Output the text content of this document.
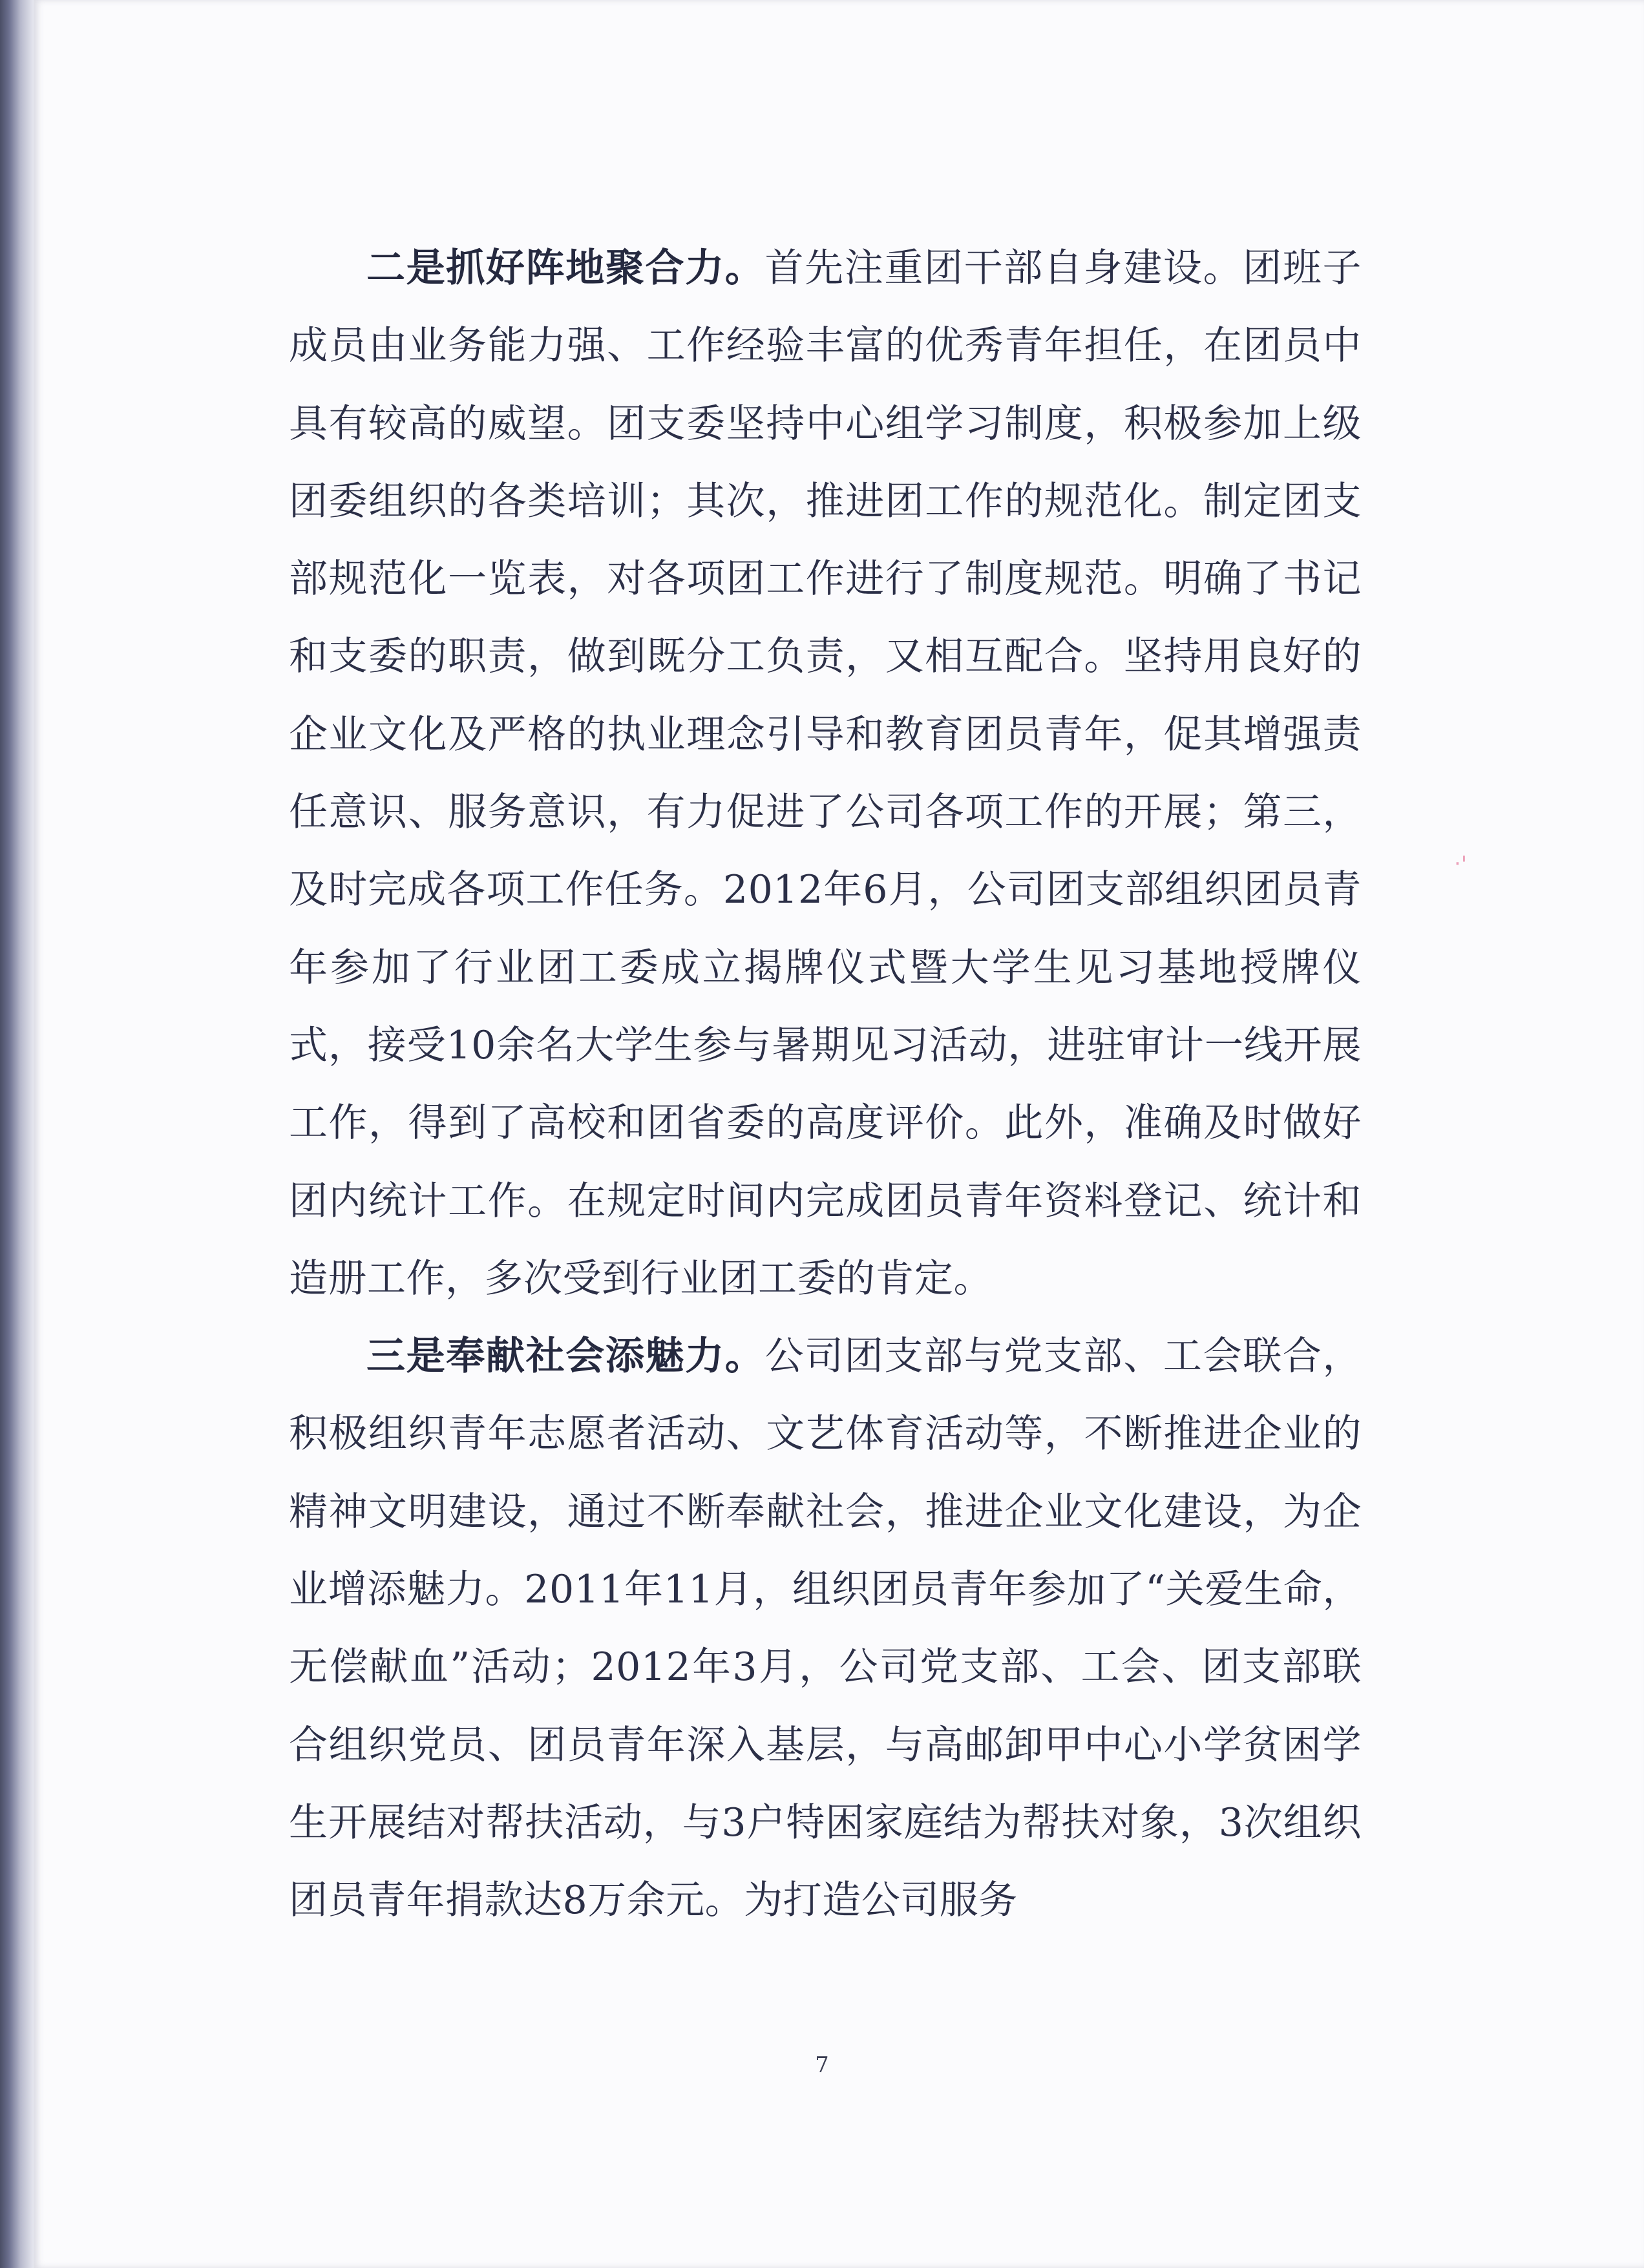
二是抓好阵地聚合力。首先注重团干部自身建设。团班子成员由业务能力强、工作经验丰富的优秀青年担任，在团员中具有较高的威望。团支委坚持中心组学习制度，积极参加上级团委组织的各类培训；其次，推进团工作的规范化。制定团支部规范化一览表，对各项团工作进行了制度规范。明确了书记和支委的职责，做到既分工负责，又相互配合。坚持用良好的企业文化及严格的执业理念引导和教育团员青年，促其增强责任意识、服务意识，有力促进了公司各项工作的开展；第三，及时完成各项工作任务。2012年6月，公司团支部组织团员青年参加了行业团工委成立揭牌仪式暨大学生见习基地授牌仪式，接受10余名大学生参与暑期见习活动，进驻审计一线开展工作，得到了高校和团省委的高度评价。此外，准确及时做好团内统计工作。在规定时间内完成团员青年资料登记、统计和造册工作，多次受到行业团工委的肯定。

三是奉献社会添魅力。公司团支部与党支部、工会联合，积极组织青年志愿者活动、文艺体育活动等，不断推进企业的精神文明建设，通过不断奉献社会，推进企业文化建设，为企业增添魅力。2011年11月，组织团员青年参加了“关爱生命，无偿献血”活动；2012年3月，公司党支部、工会、团支部联合组织党员、团员青年深入基层，与高邮卸甲中心小学贫困学生开展结对帮扶活动，与3户特困家庭结为帮扶对象，3次组织团员青年捐款达8万余元。为打造公司服务

‧'
7
